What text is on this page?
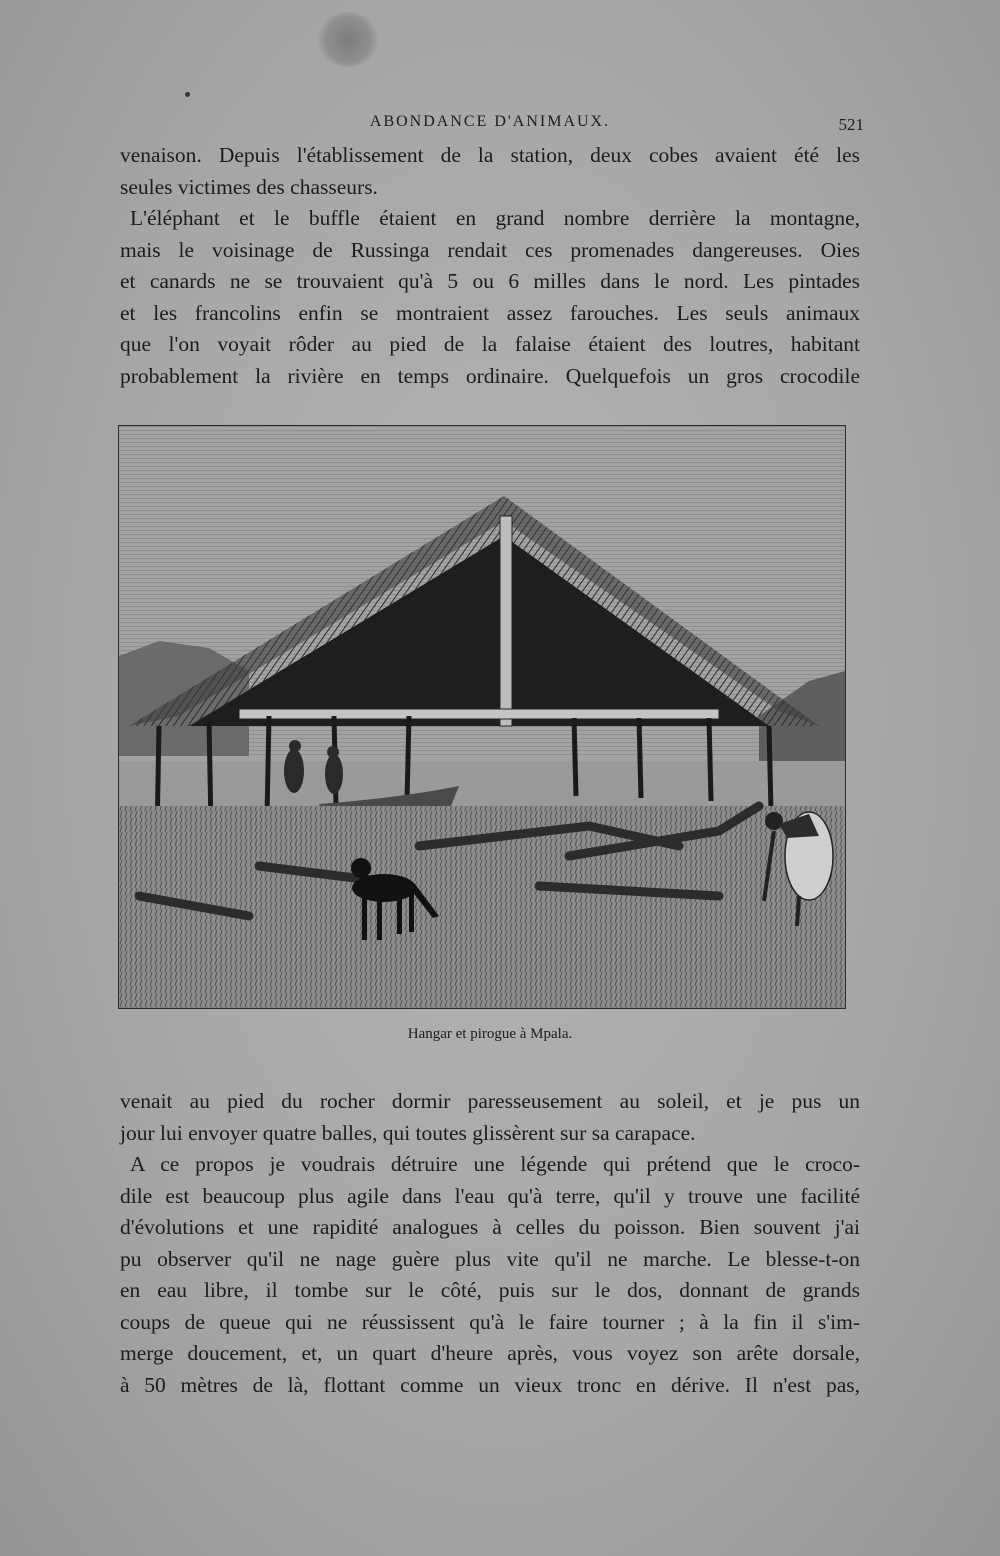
ABONDANCE D'ANIMAUX.	521
venaison. Depuis l'établissement de la station, deux cobes avaient été les
seules victimes des chasseurs.
L'éléphant et le buffle étaient en grand nombre derrière la montagne,
mais le voisinage de Russinga rendait ces promenades dangereuses. Oies
et canards ne se trouvaient qu'à 5 ou 6 milles dans le nord. Les pintades
et les francolins enfin se montraient assez farouches. Les seuls animaux
que l'on voyait rôder au pied de la falaise étaient des loutres, habitant
probablement la rivière en temps ordinaire. Quelquefois un gros crocodile
Hangar et pirogue à Mpala.
venait au pied du rocher dormir paresseusement au soleil, et je pus un
jour lui envoyer quatre balles, qui toutes glissèrent sur sa carapace.
A ce propos je voudrais détruire une légende qui prétend que le croco-
dile est beaucoup plus agile dans l'eau qu'à terre, qu'il y trouve une facilité
d'évolutions et une rapidité analogues à celles du poisson. Bien souvent j'ai
pu observer qu'il ne nage guère plus vite qu'il ne marche. Le blesse-t-on
en eau libre, il tombe sur le côté, puis sur le dos, donnant de grands
coups de queue qui ne réussissent qu'à le faire tourner ; à la fin il s'im-
merge doucement, et, un quart d'heure après, vous voyez son arête dorsale,
à 50 mètres de là, flottant comme un vieux tronc en dérive. Il n'est pas,
